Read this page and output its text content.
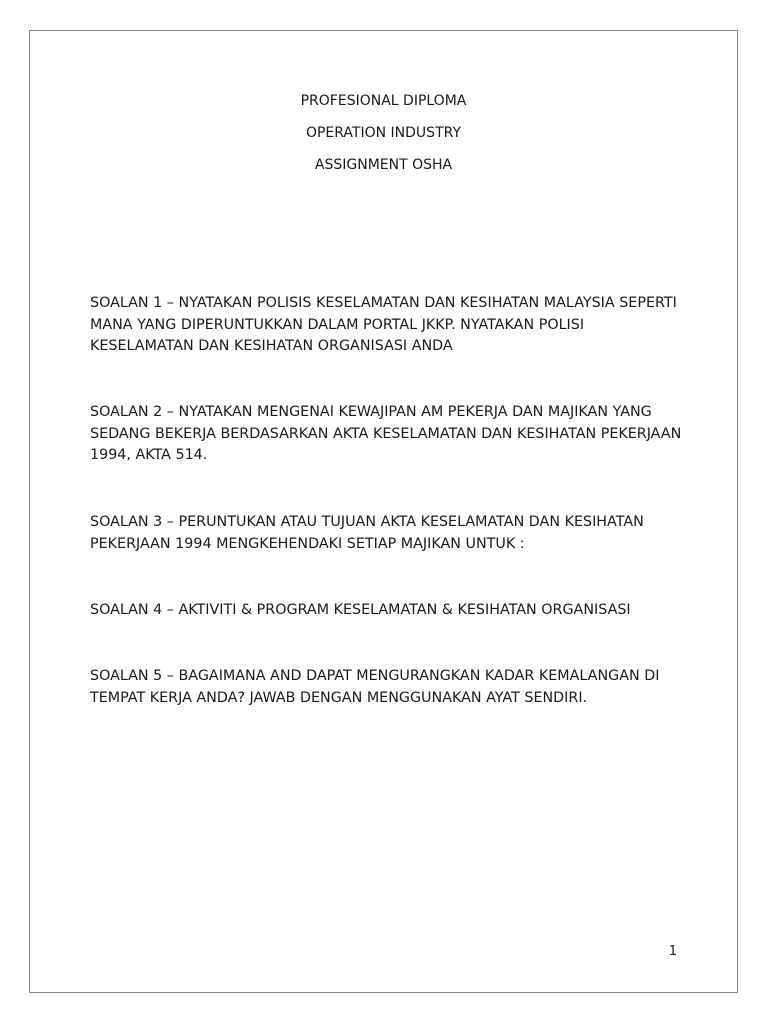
PROFESIONAL DIPLOMA
OPERATION INDUSTRY
ASSIGNMENT OSHA

SOALAN 1 – NYATAKAN POLISIS KESELAMATAN DAN KESIHATAN MALAYSIA SEPERTI MANA YANG DIPERUNTUKKAN DALAM PORTAL JKKP. NYATAKAN POLISI KESELAMATAN DAN KESIHATAN ORGANISASI ANDA

SOALAN 2 – NYATAKAN MENGENAI KEWAJIPAN AM PEKERJA DAN MAJIKAN YANG SEDANG BEKERJA BERDASARKAN AKTA KESELAMATAN DAN KESIHATAN PEKERJAAN 1994, AKTA 514.

SOALAN 3 – PERUNTUKAN ATAU TUJUAN AKTA KESELAMATAN DAN KESIHATAN PEKERJAAN 1994 MENGKEHENDAKI SETIAP MAJIKAN UNTUK :

SOALAN 4 – AKTIVITI & PROGRAM KESELAMATAN & KESIHATAN ORGANISASI

SOALAN 5 – BAGAIMANA AND DAPAT MENGURANGKAN KADAR KEMALANGAN DI TEMPAT KERJA ANDA? JAWAB DENGAN MENGGUNAKAN AYAT SENDIRI.

1
